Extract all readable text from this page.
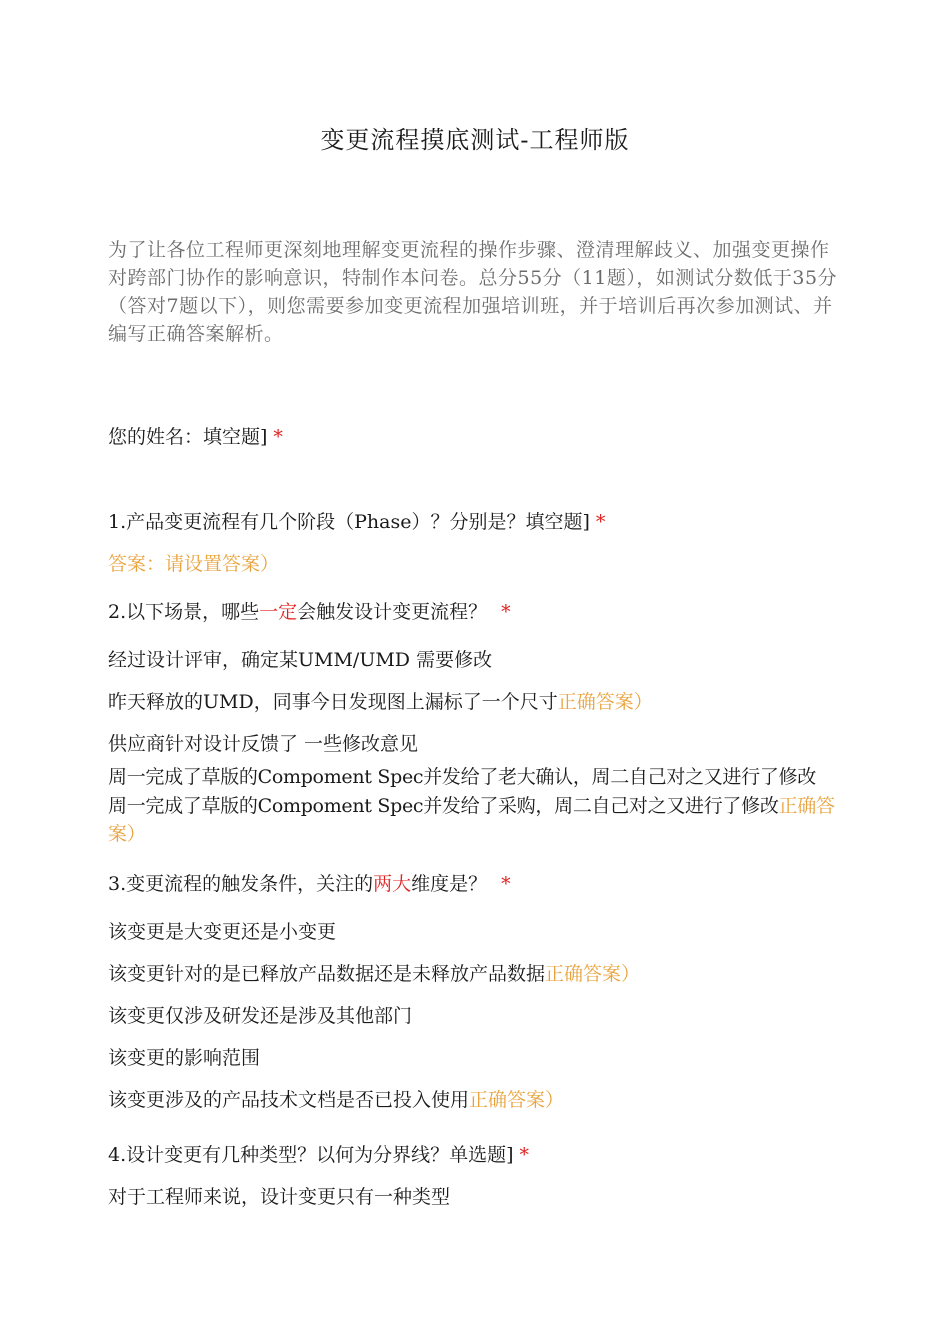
变更流程摸底测试-工程师版
为了让各位工程师更深刻地理解变更流程的操作步骤、澄清理解歧义、加强变更操作对跨部门协作的影响意识，特制作本问卷。总分55分（11题），如测试分数低于35分（答对7题以下），则您需要参加变更流程加强培训班，并于培训后再次参加测试、并编写正确答案解析。
您的姓名：填空题] *
1.产品变更流程有几个阶段（Phase）？分别是？填空题] *
答案：请设置答案）
2.以下场景，哪些一定会触发设计变更流程？ *
经过设计评审，确定某UMM/UMD 需要修改
昨天释放的UMD，同事今日发现图上漏标了一个尺寸正确答案）
供应商针对设计反馈了 一些修改意见
周一完成了草版的Compoment Spec并发给了老大确认，周二自己对之又进行了修改
周一完成了草版的Compoment Spec并发给了采购，周二自己对之又进行了修改正确答案）
3.变更流程的触发条件，关注的两大维度是？ *
该变更是大变更还是小变更
该变更针对的是已释放产品数据还是未释放产品数据正确答案）
该变更仅涉及研发还是涉及其他部门
该变更的影响范围
该变更涉及的产品技术文档是否已投入使用正确答案）
4.设计变更有几种类型？以何为分界线？单选题] *
对于工程师来说，设计变更只有一种类型
